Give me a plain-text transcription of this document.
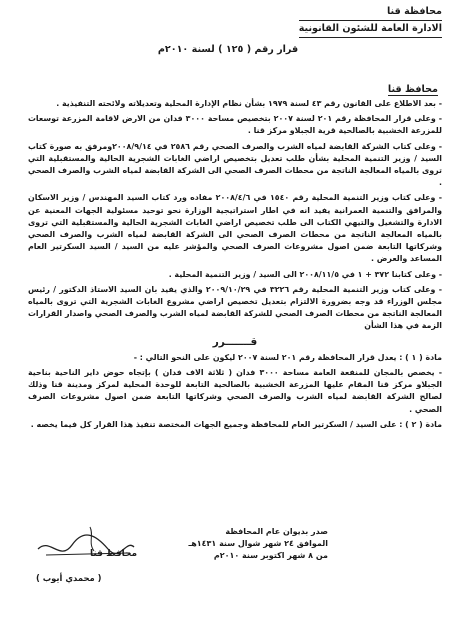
محافظة قنا
الادارة العامة للشئون القانونية
قرار رقم ( ١٢٥ ) لسنة ٢٠١٠م
محافظ قنا

- بعد الاطلاع على القانون رقم ٤٣ لسنة ١٩٧٩ بشأن نظام الإدارة المحلية وتعديلاته ولائحته التنفيذية .

- وعلى قرار المحافظة رقم ٢٠١ لسنة ٢٠٠٧ بتخصيص مساحة ٣٠٠٠ فدان من الارض لاقامة المزرعة توسعات للمزرعة الخشبية بالصالحية قرية الجبلاو مركز قنا .

- وعلى كتاب الشركة القابضة لمياه الشرب والصرف الصحي رقم ٢٥٨٦ في ٢٠٠٨/٩/١٤ومرفق به صورة كتاب السيد / وزير التنمية المحلية بشأن طلب تعديل بتخصيص اراضي الغابات الشجرية الحالية والمستقبلية التي تروى بالمياه المعالجة الناتجة من محطات الصرف الصحي الى الشركة القابضة لمياه الشرب والصرف الصحي .

- وعلى كتاب وزير التنمية المحلية رقم ١٥٤٠ في ٢٠٠٨/٤/٦ مفاده ورد كتاب السيد المهندس / وزير الاسكان والمرافق والتنمية العمرانية يفيد انه في اطار استراتيجية الوزارة نحو توحيد مسئولية الجهات المعنية عن الادارة والتشغيل والتيهي الكتاب الى طلب تخصيص اراضي الغابات الشجرية الحالية والمستقبلية التي تروى بالمياه المعالجة الناتجة من محطات الصرف الصحي الى الشركة القابضة لمياه الشرب والصرف الصحي وشركاتها التابعة ضمن اصول مشروعات الصرف الصحي والمؤشر عليه من السيد / السيد السكرتير العام المساعد والعرض .

- وعلى كتابنا ٣٧٢ + ١ في ٢٠٠٨/١١/٥ الى السيد / وزير التنمية المحلية .

- وعلى كتاب وزير التنمية المحلية رقم ٣٢٢٦ في ٢٠٠٩/١٠/٢٩ والذي يفيد بان السيد الاستاذ الدكتور / رئيس مجلس الوزراء قد وجه بضرورة الالتزام بتعديل تخصيص اراضي مشروع الغابات الشجرية التي تروى بالمياه المعالجة الناتجة من محطات الصرف الصحي للشركة القابضة لمياه الشرب والصرف الصحي واصدار القرارات الزمة في هذا الشأن

قـــــــرر

مادة ( ١ ) : يعدل قرار المحافظة رقم ٢٠١ لسنة ٢٠٠٧ ليكون على النحو التالي : -

- يخصص بالمجان للمنفعة العامة مساحة ٣٠٠٠ فدان ( ثلاثة الاف فدان ) بإتجاه حوض داير الناحية بناحية الجبلاو مركز قنا المقام عليها المزرعة الخشبية بالصالحية التابعة للوحدة المحلية لمركز ومدينة قنا وذلك لصالح الشركة القابضة لمياه الشرب والصرف الصحي وشركاتها التابعة ضمن اصول مشروعات الصرف الصحي .

مادة ( ٢ ) : على السيد / السكرتير العام للمحافظة وجميع الجهات المختصة تنفيذ هذا القرار كل فيما يخصه .

صدر بديوان عام المحافظة
الموافق ٢٤ شهر شوال سنة ١٤٣١هـ
من ٨ شهر اكتوبر سنة ٢٠١٠م
محافظ قنا
( محمدي أيوب )
